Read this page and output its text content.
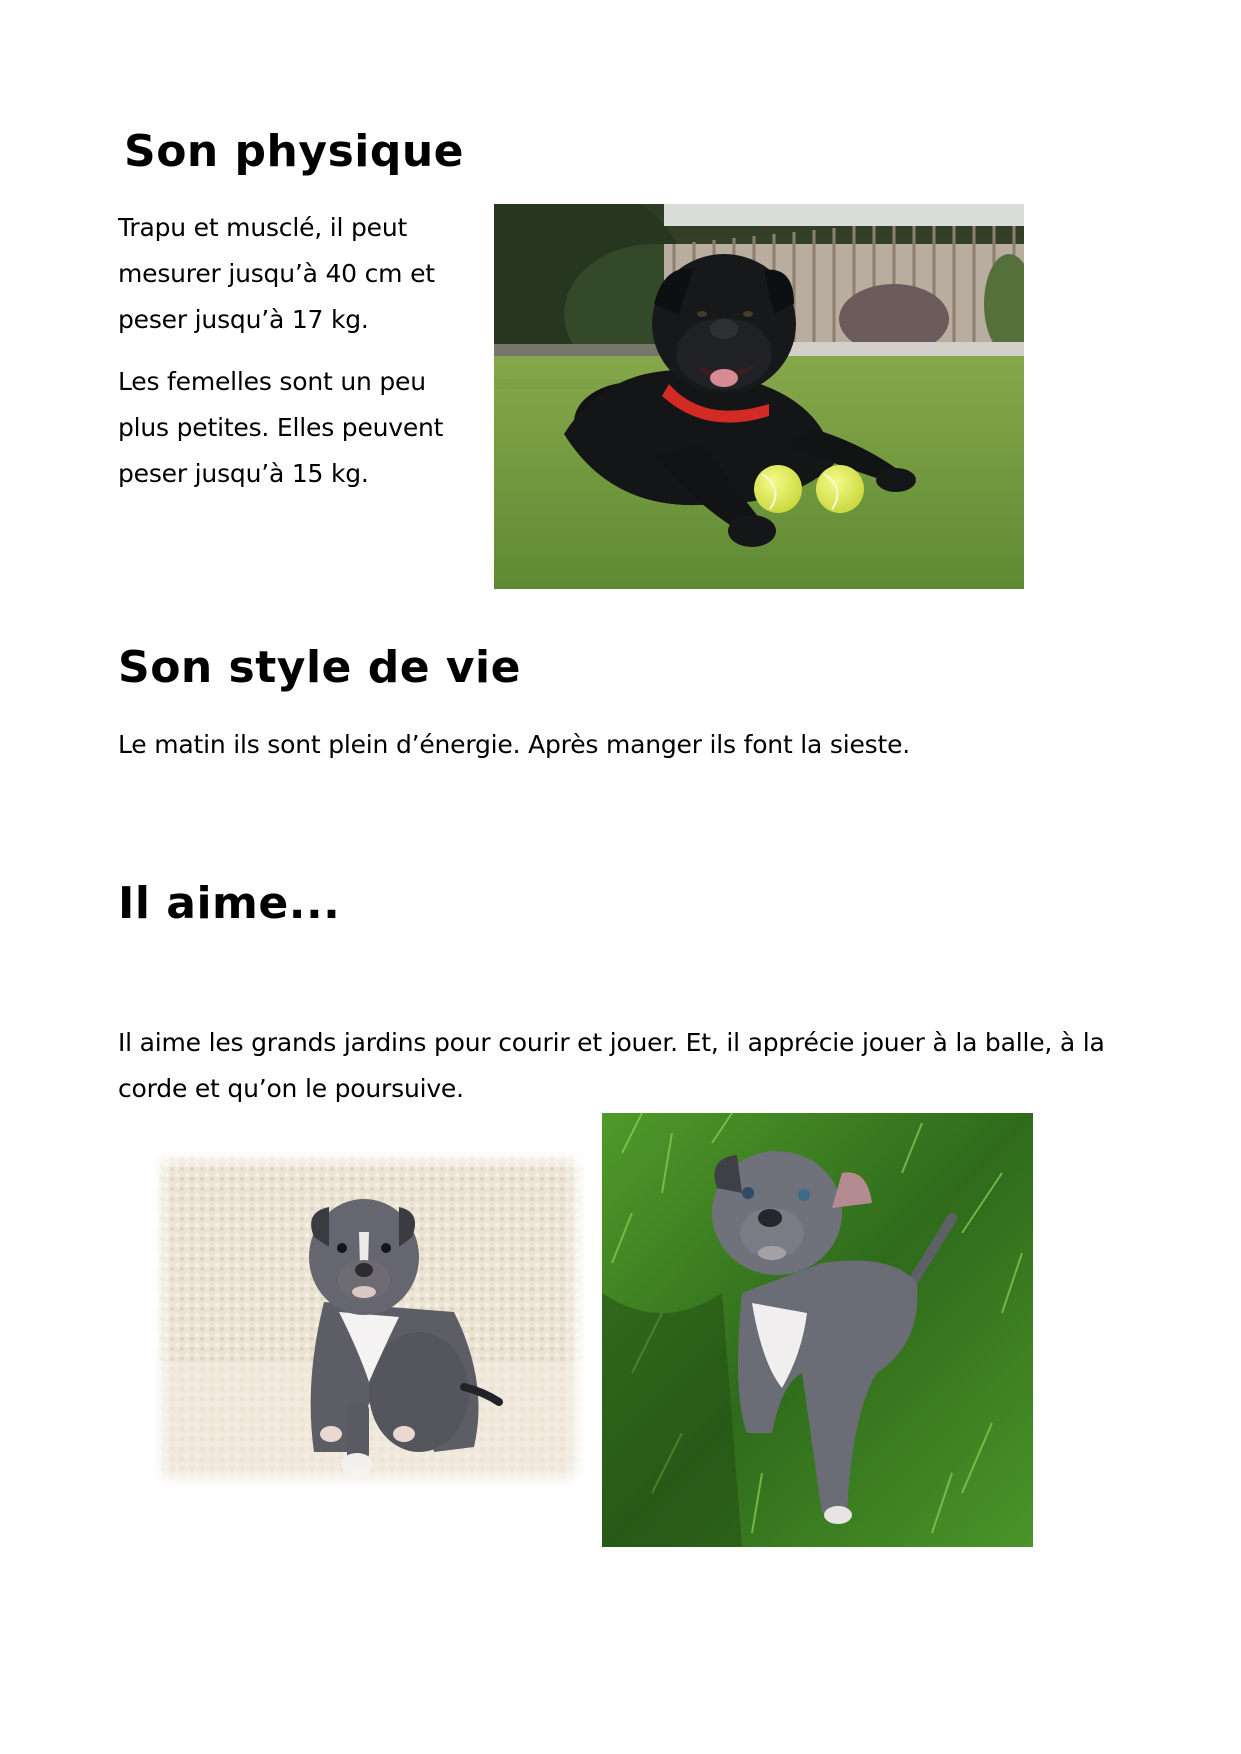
Son physique

Trapu et musclé, il peut mesurer jusqu’à 40 cm et peser jusqu’à 17 kg.

Les femelles sont un peu plus petites. Elles peuvent peser jusqu’à 15 kg.

Son style de vie

Le matin ils sont plein d’énergie. Après manger ils font la sieste.

Il aime...

Il aime les grands jardins pour courir et jouer. Et, il apprécie jouer à la balle, à la corde et qu’on le poursuive.
